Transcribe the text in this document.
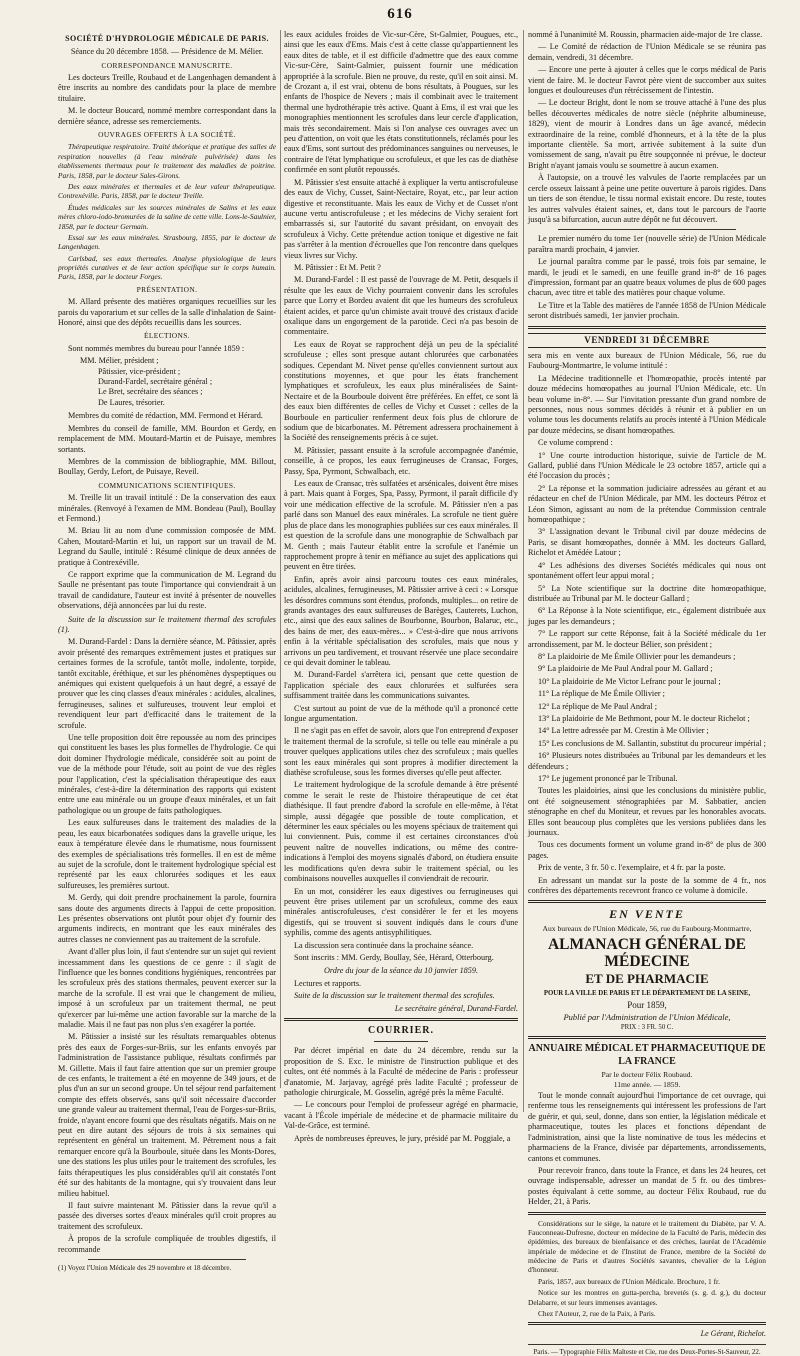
616
SOCIÉTÉ D'HYDROLOGIE MÉDICALE DE PARIS.

Séance du 20 décembre 1858. — Présidence de M. Mélier.

CORRESPONDANCE MANUSCRITE.

Les docteurs Treille, Roubaud et de Langenhagen demandent à être inscrits au nombre des candidats pour la place de membre titulaire.

M. le docteur Boucard, nommé membre correspondant dans la dernière séance, adresse ses remerciements.

OUVRAGES OFFERTS À LA SOCIÉTÉ.

Thérapeutique respiratoire. Traité théorique et pratique des salles de respiration nouvelles (à l'eau minérale pulvérisée) dans les établissements thermaux pour le traitement des maladies de poitrine. Paris, 1858, par le docteur Sales-Girons.

Des eaux minérales et thermales et de leur valeur thérapeutique. Contrexéville. Paris, 1858, par le docteur Treille.

Études médicales sur les sources minérales de Salins et les eaux mères chloro-iodo-bromurées de la saline de cette ville. Lons-le-Saulnier, 1858, par le docteur Germain.

Essai sur les eaux minérales. Strasbourg, 1855, par le docteur de Langenhagen.

Carlsbad, ses eaux thermales. Analyse physiologique de leurs propriétés curatives et de leur action spécifique sur le corps humain. Paris, 1858, par le docteur Forges.

PRÉSENTATION.

M. Allard présente des matières organiques recueillies sur les parois du vaporarium et sur celles de la salle d'inhalation de Saint-Honoré, ainsi que des dépôts recueillis dans les sources.

ÉLECTIONS.

Sont nommés membres du bureau pour l'année 1859 :

MM. Mélier, président ;
Pâtissier, vice-président ;
Durand-Fardel, secrétaire général ;
Le Bret, secrétaire des séances ;
De Laures, trésorier.

Membres du comité de rédaction, MM. Fermond et Hérard.

Membres du conseil de famille, MM. Bourdon et Gerdy, en remplacement de MM. Moutard-Martin et de Puisaye, membres sortants.

Membres de la commission de bibliographie, MM. Billout, Boullay, Gerdy, Lefort, de Puisaye, Reveil.

COMMUNICATIONS SCIENTIFIQUES.

M. Treille lit un travail intitulé : De la conservation des eaux minérales. (Renvoyé à l'examen de MM. Bondeau (Paul), Boullay et Fermond.)

M. Briau lit au nom d'une commission composée de MM. Cahen, Moutard-Martin et lui, un rapport sur un travail de M. Legrand du Saulle, intitulé : Résumé clinique de deux années de pratique à Contrexéville.

Ce rapport exprime que la communication de M. Legrand du Saulle ne présentant pas toute l'importance qui conviendrait à un travail de candidature, l'auteur est invité à présenter de nouvelles observations, déjà annoncées par lui du reste.

Suite de la discussion sur le traitement thermal des scrofules (1).

M. Durand-Fardel : Dans la dernière séance, M. Pâtissier, après avoir présenté des remarques extrêmement justes et pratiques sur certaines formes de la scrofule, tantôt molle, indolente, torpide, tantôt excitable, éréthique, et sur les phénomènes dyspeptiques ou anémiques qui existent quelquefois à un haut degré, a essayé de prouver que les cinq classes d'eaux minérales : acidules, alcalines, ferrugineuses, salines et sulfureuses, trouvent leur emploi et revendiquent leur part d'efficacité dans le traitement de la scrofule.

Une telle proposition doit être repoussée au nom des principes qui constituent les bases les plus formelles de l'hydrologie. Ce qui doit dominer l'hydrologie médicale, considérée soit au point de vue de la méthode pour l'étude, soit au point de vue des règles pour l'application, c'est la spécialisation thérapeutique des eaux minérales, c'est-à-dire la détermination des rapports qui existent entre une eau minérale ou un groupe d'eaux minérales, et un fait pathologique ou un groupe de faits pathologiques.

Les eaux sulfureuses dans le traitement des maladies de la peau, les eaux bicarbonatées sodiques dans la gravelle urique, les eaux à température élevée dans le rhumatisme, nous fournissent des exemples de spécialisations très formelles. Il en est de même au sujet de la scrofule, dont le traitement hydrologique spécial est représenté par les eaux chlorurées sodiques et les eaux sulfureuses, les premières surtout.

M. Gerdy, qui doit prendre prochainement la parole, fournira sans doute des arguments directs à l'appui de cette proposition. Les présentes observations ont plutôt pour objet d'y fournir des arguments indirects, en montrant que les eaux minérales des autres classes ne conviennent pas au traitement de la scrofule.

Avant d'aller plus loin, il faut s'entendre sur un sujet qui revient incessamment dans les questions de ce genre : il s'agit de l'influence que les bonnes conditions hygiéniques, rencontrées par les scrofuleux près des stations thermales, peuvent exercer sur la marche de la scrofule. Il est vrai que le changement de milieu, imposé à un scrofuleux par un traitement thermal, ne peut qu'exercer par lui-même une action favorable sur la marche de la maladie. Mais il ne faut pas non plus s'en exagérer la portée.

M. Pâtissier a insisté sur les résultats remarquables obtenus près des eaux de Forges-sur-Briis, sur les enfants envoyés par l'administration de l'assistance publique, résultats confirmés par M. Gillette. Mais il faut faire attention que sur un premier groupe de ces enfants, le traitement a été en moyenne de 349 jours, et de plus d'un an sur un second groupe. Un tel séjour rend parfaitement compte des effets observés, sans qu'il soit nécessaire d'accorder une grande valeur au traitement thermal, l'eau de Forges-sur-Briis, froide, n'ayant encore fourni que des résultats négatifs. Mais on ne peut en dire autant des séjours de trois à six semaines qui représentent en général un traitement. M. Pétrement nous a fait remarquer encore qu'à la Bourboule, située dans les Monts-Dores, une des stations les plus utiles pour le traitement des scrofules, les faits thérapeutiques les plus considérables qu'il ait constatés l'ont été sur des habitants de la montagne, qui s'y trouvaient dans leur milieu habituel.

Il faut suivre maintenant M. Pâtissier dans la revue qu'il a passée des diverses sortes d'eaux minérales qu'il croit propres au traitement des scrofuleux.

À propos de la scrofule compliquée de troubles digestifs, il recommande

(1) Voyez l'Union Médicale des 29 novembre et 18 décembre.

les eaux acidules froides de Vic-sur-Cère, St-Galmier, Pougues, etc., ainsi que les eaux d'Ems. Mais c'est à cette classe qu'appartiennent les eaux dites de table, et il est difficile d'admettre que des eaux comme Vic-sur-Cère, Saint-Galmier, puissent fournir une médication appropriée à la scrofule. Bien ne prouve, du reste, qu'il en soit ainsi. M. de Crozant a, il est vrai, obtenu de bons résultats, à Pougues, sur les enfants de l'hospice de Nevers ; mais il combinait avec le traitement thermal une hydrothérapie très active. Quant à Ems, il est vrai que les monographies mentionnent les scrofules dans leur cercle d'application, mais très secondairement. Mais si l'on analyse ces ouvrages avec un peu d'attention, on voit que les états constitutionnels, réclamés pour les eaux d'Ems, sont surtout des prédominances sanguines ou nerveuses, le contraire de l'état lymphatique ou scrofuleux, et que les cas de diathèse confirmée en sont plutôt repoussés.

M. Pâtissier s'est ensuite attaché à expliquer la vertu antiscrofuleuse des eaux de Vichy, Cusset, Saint-Nectaire, Royat, etc., par leur action digestive et reconstituante. Mais les eaux de Vichy et de Cusset n'ont aucune vertu antiscrofuleuse ; et les médecins de Vichy seraient fort embarrassés si, sur l'autorité du savant présidant, on envoyait des scrofuleux à Vichy. Cette prétendue action tonique et digestive ne fait pas s'arrêter à la mention d'écrouelles que l'on rencontre dans quelques vieux livres sur Vichy.

M. Pâtissier : Et M. Petit ?

M. Durand-Fardel : Il est passé de l'ouvrage de M. Petit, desquels il résulte que les eaux de Vichy pourraient convenir dans les scrofules parce que Lorry et Bordeu avaient dit que les humeurs des scrofuleux étaient acides, et parce qu'un chimiste avait trouvé des cristaux d'acide oxalique dans un engorgement de la parotide. Ceci n'a pas besoin de commentaire.

Les eaux de Royat se rapprochent déjà un peu de la spécialité scrofuleuse ; elles sont presque autant chlorurées que carbonatées sodiques. Cependant M. Nivet pense qu'elles conviennent surtout aux constitutions moyennes, et que pour les états franchement lymphatiques et scrofuleux, les eaux plus minéralisées de Saint-Nectaire et de la Bourboule doivent être préférées. En effet, ce sont là des eaux bien différentes de celles de Vichy et Cusset : celles de la Bourboule en particulier renferment deux fois plus de chlorure de sodium que de bicarbonates. M. Pétrement adressera prochainement à la Société des renseignements précis à ce sujet.

M. Pâtissier, passant ensuite à la scrofule accompagnée d'anémie, conseille, à ce propos, les eaux ferrugineuses de Cransac, Forges, Passy, Spa, Pyrmont, Schwalbach, etc.

Les eaux de Cransac, très sulfatées et arsénicales, doivent être mises à part. Mais quant à Forges, Spa, Passy, Pyrmont, il paraît difficile d'y voir une médication effective de la scrofule. M. Pâtissier n'en a pas parlé dans son Manuel des eaux minérales. La scrofule ne tient guère plus de place dans les monographies publiées sur ces eaux minérales. Il est question de la scrofule dans une monographie de Schwalbach par M. Genth ; mais l'auteur établit entre la scrofule et l'anémie un rapprochement propre à tenir en méfiance au sujet des applications qui peuvent en être tirées.

Enfin, après avoir ainsi parcouru toutes ces eaux minérales, acidules, alcalines, ferrugineuses, M. Pâtissier arrive à ceci : « Lorsque les désordres communs sont étendus, profonds, multiples... on retire de grands avantages des eaux sulfureuses de Barèges, Cauterets, Luchon, etc., ainsi que des eaux salines de Bourbonne, Bourbon, Balaruc, etc., des bains de mer, des eaux-mères... » C'est-à-dire que nous arrivons enfin à la véritable spécialisation des scrofules, mais que nous y arrivons un peu tardivement, et trouvant réservée une place secondaire ce qui devait dominer le tableau.

M. Durand-Fardel s'arrêtera ici, pensant que cette question de l'application spéciale des eaux chlorurées et sulfurées sera suffisamment traitée dans les communications suivantes.

C'est surtout au point de vue de la méthode qu'il a prononcé cette longue argumentation.

Il ne s'agit pas en effet de savoir, alors que l'on entreprend d'exposer le traitement thermal de la scrofule, si telle ou telle eau minérale a pu trouver quelques applications utiles chez des scrofuleux ; mais quelles sont les eaux minérales qui sont propres à modifier directement la diathèse scrofuleuse, sous les formes diverses qu'elle peut affecter.

Le traitement hydrologique de la scrofule demande à être présenté comme le serait le reste de l'histoire thérapeutique de cet état diathésique. Il faut prendre d'abord la scrofule en elle-même, à l'état simple, aussi dégagée que possible de toute complication, et déterminer les eaux spéciales ou les moyens spéciaux de traitement qui lui conviennent. Puis, comme il est certaines circonstances d'où peuvent naître de nouvelles indications, ou même des contre-indications à l'emploi des moyens signalés d'abord, on étudiera ensuite les modifications qu'en devra subir le traitement spécial, ou les combinaisons nouvelles auxquelles il conviendrait de recourir.

En un mot, considérer les eaux digestives ou ferrugineuses qui peuvent être prises utilement par un scrofuleux, comme des eaux minérales antiscrofuleuses, c'est considérer le fer et les moyens digestifs, qui se trouvent si souvent indiqués dans le cours d'une syphilis, comme des agents antisyphilitiques.

La discussion sera continuée dans la prochaine séance.

Sont inscrits : MM. Gerdy, Boullay, Sée, Hérard, Otterbourg.

Ordre du jour de la séance du 10 janvier 1859.

Lectures et rapports.

Suite de la discussion sur le traitement thermal des scrofules.

Le secrétaire général, Durand-Fardel.
COURRIER.

Par décret impérial en date du 24 décembre, rendu sur la proposition de S. Exc. le ministre de l'instruction publique et des cultes, ont été nommés à la Faculté de médecine de Paris : professeur d'anatomie, M. Jarjavay, agrégé près ladite Faculté ; professeur de pathologie chirurgicale, M. Gosselin, agrégé près la même Faculté.

— Le concours pour l'emploi de professeur agrégé en pharmacie, vacant à l'École impériale de médecine et de pharmacie militaire du Val-de-Grâce, est terminé.

Après de nombreuses épreuves, le jury, présidé par M. Poggiale, a

nommé à l'unanimité M. Roussin, pharmacien aide-major de 1re classe.

— Le Comité de rédaction de l'Union Médicale se se réunira pas demain, vendredi, 31 décembre.

— Encore une perte à ajouter à celles que le corps médical de Paris vient de faire. M. le docteur Favrot père vient de succomber aux suites longues et douloureuses d'un rétrécissement de l'intestin.

— Le docteur Bright, dont le nom se trouve attaché à l'une des plus belles découvertes médicales de notre siècle (néphrite albumineuse, 1829), vient de mourir à Londres dans un âge avancé, médecin extraordinaire de la reine, comblé d'honneurs, et à la tête de la plus importante clientèle. Sa mort, arrivée subitement à la suite d'un vomissement de sang, n'avait pu être soupçonnée ni prévue, le docteur Bright n'ayant jamais voulu se soumettre à aucun examen.

À l'autopsie, on a trouvé les valvules de l'aorte remplacées par un cercle osseux laissant à peine une petite ouverture à parois rigides. Dans un tiers de son étendue, le tissu normal existait encore. Du reste, toutes les autres valvules étaient saines, et, dans tout le parcours de l'aorte jusqu'à sa bifurcation, aucun autre dépôt ne fut découvert.

Le premier numéro du tome 1er (nouvelle série) de l'Union Médicale paraîtra mardi prochain, 4 janvier.

Le journal paraîtra comme par le passé, trois fois par semaine, le mardi, le jeudi et le samedi, en une feuille grand in-8° de 16 pages d'impression, formant par an quatre beaux volumes de plus de 600 pages chacun, avec titre et table des matières pour chaque volume.

Le Titre et la Table des matières de l'année 1858 de l'Union Médicale seront distribués samedi, 1er janvier prochain.

VENDREDI 31 DÉCEMBRE

sera mis en vente aux bureaux de l'Union Médicale, 56, rue du Faubourg-Montmartre, le volume intitulé :

La Médecine traditionnelle et l'homœopathie, procès intenté par douze médecins homœopathes au journal l'Union Médicale, etc. Un beau volume in-8°. — Sur l'invitation pressante d'un grand nombre de personnes, nous nous sommes décidés à réunir et à publier en un volume tous les documents relatifs au procès intenté à l'Union Médicale par douze médecins, se disant homœopathes.

Ce volume comprend :

1° Une courte introduction historique, suivie de l'article de M. Gallard, publié dans l'Union Médicale le 23 octobre 1857, article qui a été l'occasion du procès ;

2° La réponse et la sommation judiciaire adressées au gérant et au rédacteur en chef de l'Union Médicale, par MM. les docteurs Pétroz et Léon Simon, agissant au nom de la prétendue Commission centrale homœopathique ;

3° L'assignation devant le Tribunal civil par douze médecins de Paris, se disant homœopathes, donnée à MM. les docteurs Gallard, Richelot et Amédée Latour ;

4° Les adhésions des diverses Sociétés médicales qui nous ont spontanément offert leur appui moral ;

5° La Note scientifique sur la doctrine dite homœopathique, distribuée au Tribunal par M. le docteur Gallard ;

6° La Réponse à la Note scientifique, etc., également distribuée aux juges par les demandeurs ;

7° Le rapport sur cette Réponse, fait à la Société médicale du 1er arrondissement, par M. le docteur Bélier, son président ;

8° La plaidoirie de Me Émile Ollivier pour les demandeurs ;

9° La plaidoirie de Me Paul Andral pour M. Gallard ;

10° La plaidoirie de Me Victor Lefranc pour le journal ;

11° La réplique de Me Émile Ollivier ;

12° La réplique de Me Paul Andral ;

13° La plaidoirie de Me Bethmont, pour M. le docteur Richelot ;

14° La lettre adressée par M. Crestin à Me Ollivier ;

15° Les conclusions de M. Sallantin, substitut du procureur impérial ;

16° Plusieurs notes distribuées au Tribunal par les demandeurs et les défendeurs ;

17° Le jugement prononcé par le Tribunal.

Toutes les plaidoiries, ainsi que les conclusions du ministère public, ont été soigneusement sténographiées par M. Sabbatier, ancien sténographe en chef du Moniteur, et revues par les honorables avocats. Elles sont beaucoup plus complètes que les versions publiées dans les journaux.

Tous ces documents forment un volume grand in-8° de plus de 300 pages.

Prix de vente, 3 fr. 50 c. l'exemplaire, et 4 fr. par la poste.

En adressant un mandat sur la poste de la somme de 4 fr., nos confrères des départements recevront franco ce volume à domicile.

EN VENTE
Aux bureaux de l'Union Médicale, 56, rue du Faubourg-Montmartre,
ALMANACH GÉNÉRAL DE MÉDECINE
ET DE PHARMACIE
POUR LA VILLE DE PARIS ET LE DÉPARTEMENT DE LA SEINE,
Pour 1859,
Publié par l'Administration de l'Union Médicale,
PRIX : 3 FR. 50 C.
ANNUAIRE MÉDICAL ET PHARMACEUTIQUE DE LA FRANCE
Par le docteur Félix Roubaud.
11me année. — 1859.

Tout le monde connaît aujourd'hui l'importance de cet ouvrage, qui renferme tous les renseignements qui intéressent les professions de l'art de guérir, et qui, seul, donne, dans son entier, la législation médicale et pharmaceutique, toutes les places et fonctions dépendant de l'administration, ainsi que la liste nominative de tous les médecins et pharmaciens de la France, divisée par départements, arrondissements, cantons et communes.

Pour recevoir franco, dans toute la France, et dans les 24 heures, cet ouvrage indispensable, adresser un mandat de 5 fr. ou des timbres-postes équivalant à cette somme, au docteur Félix Roubaud, rue du Helder, 21, à Paris.

Considérations sur le siège, la nature et le traitement du Diabète, par V. A. Fauconneau-Dufresne, docteur en médecine de la Faculté de Paris, médecin des épidémies, des bureaux de bienfaisance et des crèches, lauréat de l'Académie impériale de médecine et de l'Institut de France, membre de la Société de médecine de Paris et d'autres Sociétés savantes, chevalier de la Légion d'honneur.

Paris, 1857, aux bureaux de l'Union Médicale. Brochure, 1 fr.

Notice sur les montres en gutta-percha, brevetés (s. g. d. g.), du docteur Delabarre, et sur leurs immenses avantages.

Chez l'Auteur, 2, rue de la Paix, à Paris.

Le Gérant, Richelot.
Paris. — Typographie Félix Malteste et Cie, rue des Deux-Portes-St-Sauveur, 22.
